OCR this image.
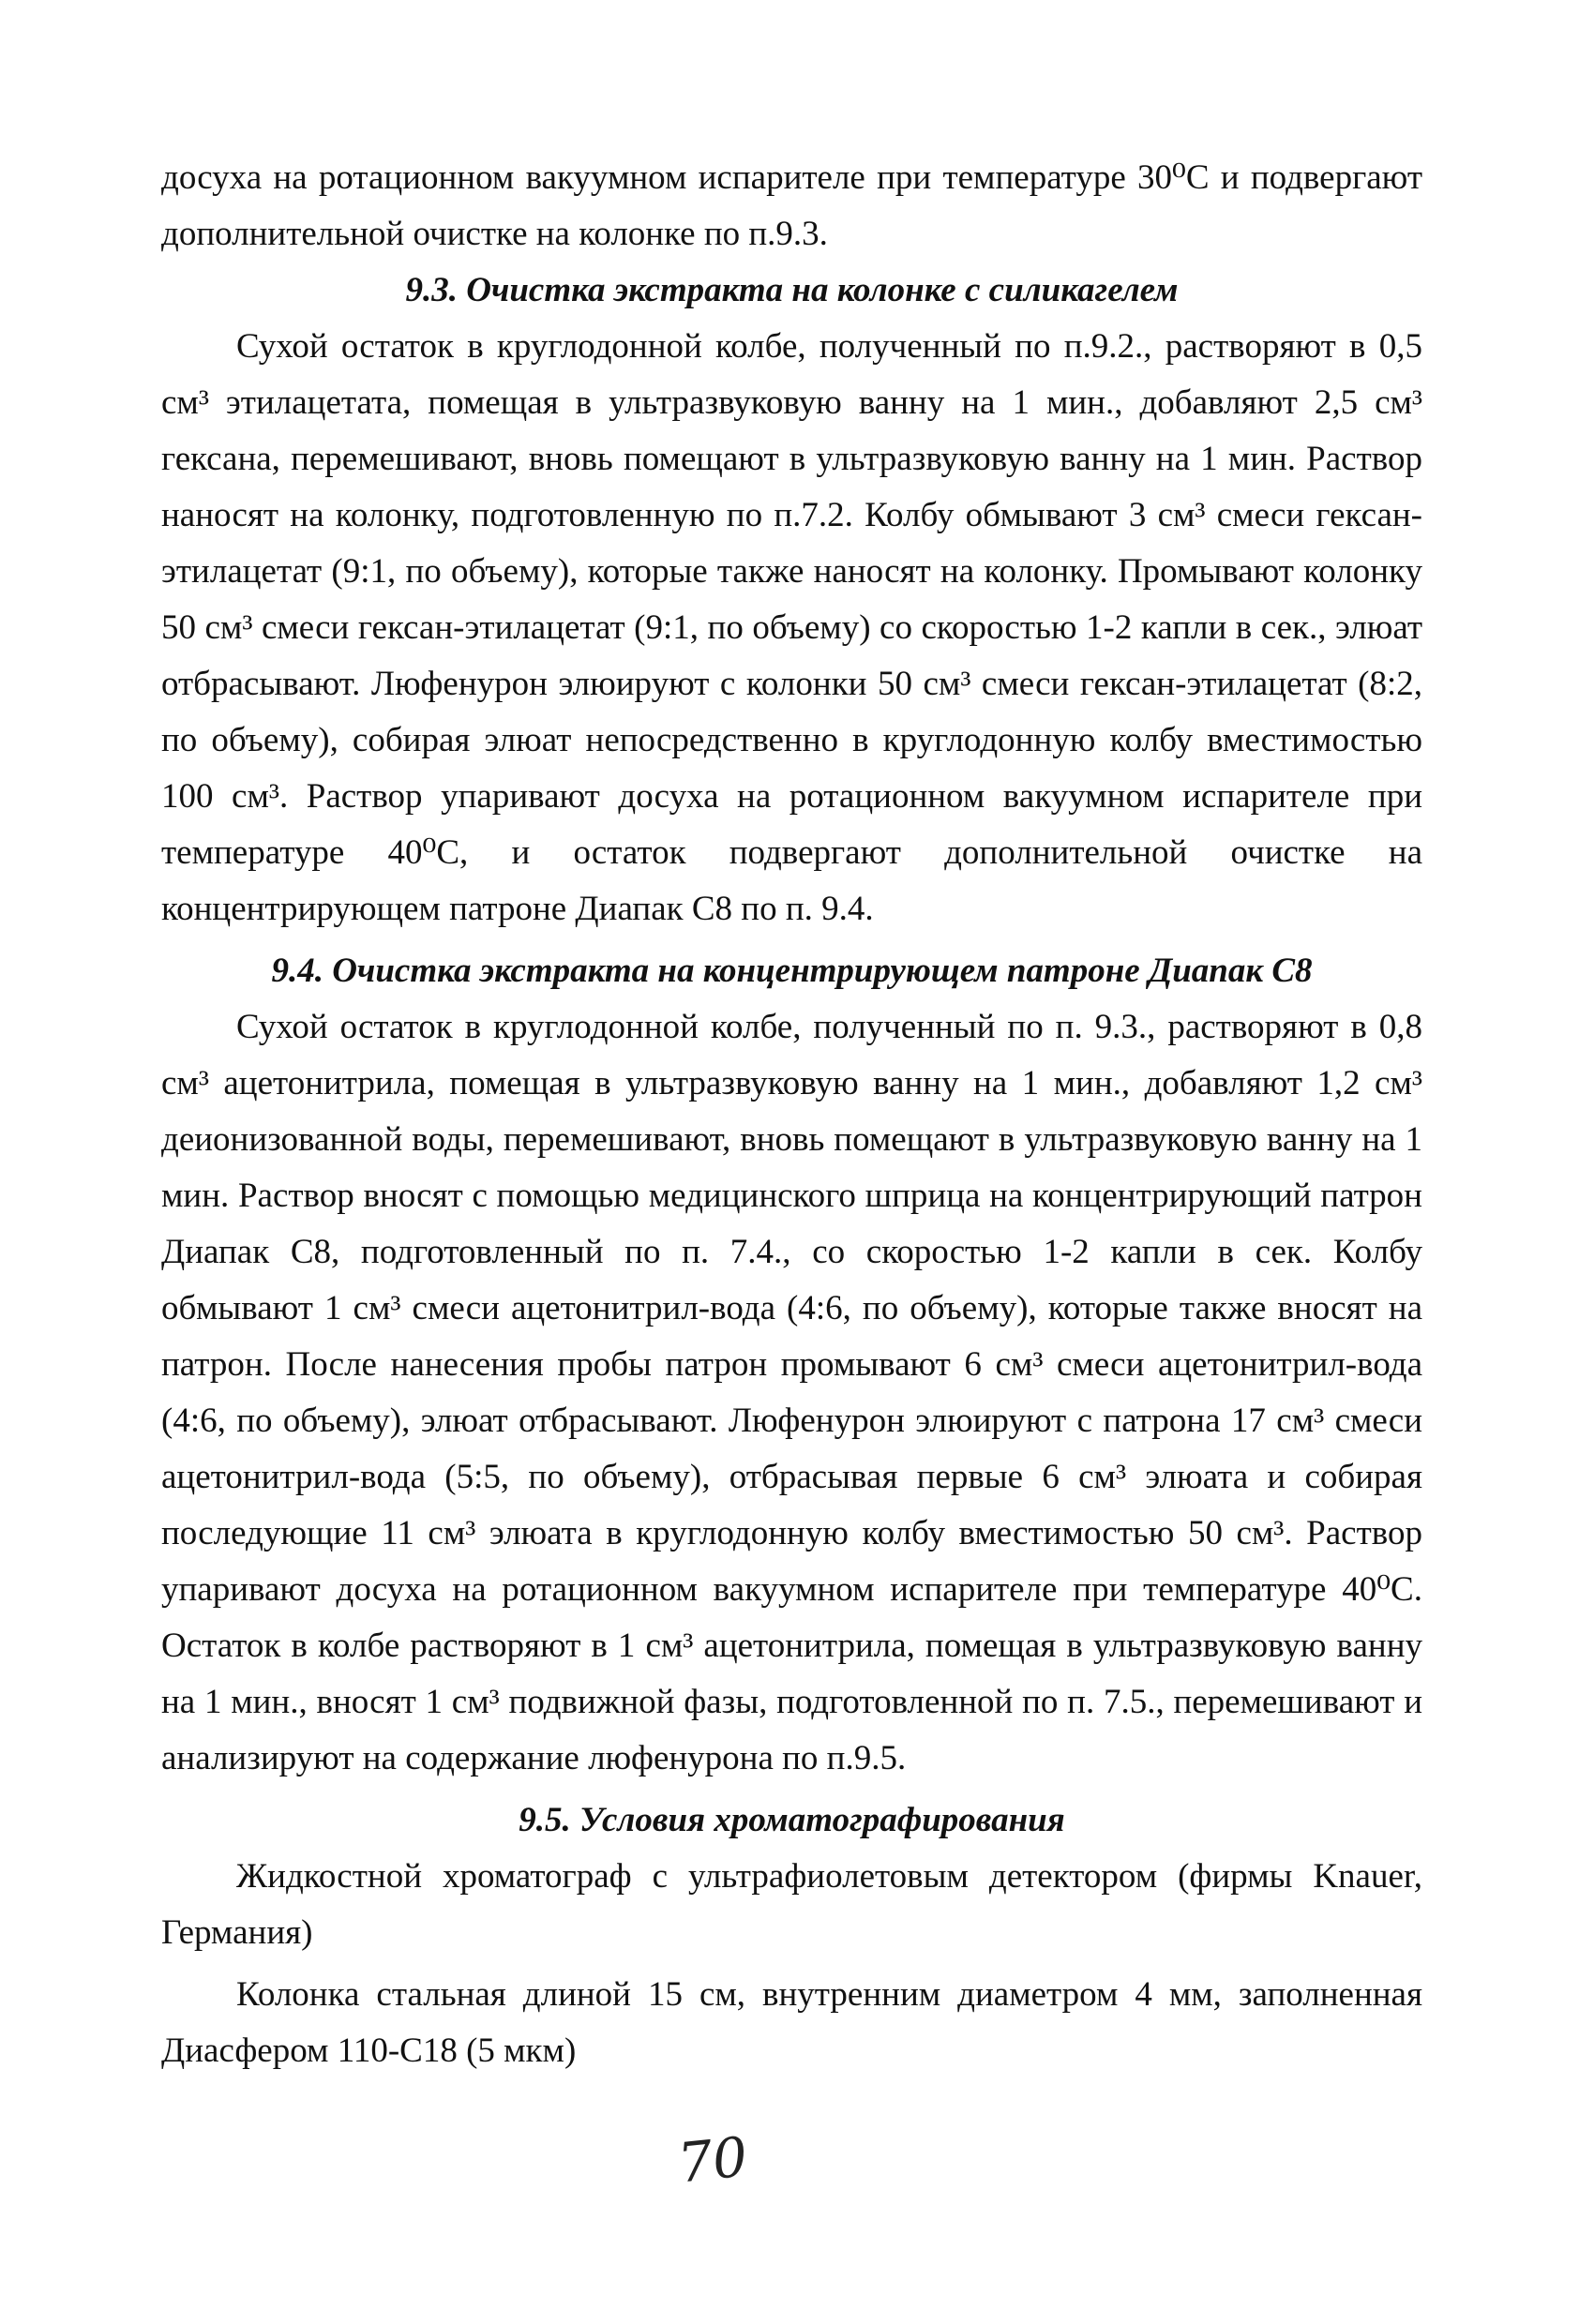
досуха на ротационном вакуумном испарителе при температуре 30⁰С и подвергают дополнительной очистке на колонке по п.9.3.

9.3. Очистка экстракта на колонке с силикагелем

Сухой остаток в круглодонной колбе, полученный по п.9.2., растворяют в 0,5 см³ этилацетата, помещая в ультразвуковую ванну на 1 мин., добавляют 2,5 см³ гексана, перемешивают, вновь помещают в ультразвуковую ванну на 1 мин. Раствор наносят на колонку, подготовленную по п.7.2. Колбу обмывают 3 см³ смеси гексан-этилацетат (9:1, по объему), которые также наносят на колонку. Промывают колонку 50 см³ смеси гексан-этилацетат (9:1, по объему) со скоростью 1-2 капли в сек., элюат отбрасывают. Люфенурон элюируют с колонки 50 см³ смеси гексан-этилацетат (8:2, по объему), собирая элюат непосредственно в круглодонную колбу вместимостью 100 см³. Раствор упаривают досуха на ротационном вакуумном испарителе при температуре 40⁰С, и остаток подвергают дополнительной очистке на концентрирующем патроне Диапак С8 по п. 9.4.

9.4. Очистка экстракта на концентрирующем патроне Диапак С8

Сухой остаток в круглодонной колбе, полученный по п. 9.3., растворяют в 0,8 см³ ацетонитрила, помещая в ультразвуковую ванну на 1 мин., добавляют 1,2 см³ деионизованной воды, перемешивают, вновь помещают в ультразвуковую ванну на 1 мин. Раствор вносят с помощью медицинского шприца на концентрирующий патрон Диапак С8, подготовленный по п. 7.4., со скоростью 1-2 капли в сек. Колбу обмывают 1 см³ смеси ацетонитрил-вода (4:6, по объему), которые также вносят на патрон. После нанесения пробы патрон промывают 6 см³ смеси ацетонитрил-вода (4:6, по объему), элюат отбрасывают. Люфенурон элюируют с патрона 17 см³ смеси ацетонитрил-вода (5:5, по объему), отбрасывая первые 6 см³ элюата и собирая последующие 11 см³ элюата в круглодонную колбу вместимостью 50 см³. Раствор упаривают досуха на ротационном вакуумном испарителе при температуре 40⁰С. Остаток в колбе растворяют в 1 см³ ацетонитрила, помещая в ультразвуковую ванну на 1 мин., вносят 1 см³ подвижной фазы, подготовленной по п. 7.5., перемешивают и анализируют на содержание люфенурона по п.9.5.

9.5. Условия хроматографирования

Жидкостной хроматограф с ультрафиолетовым детектором (фирмы Knauer, Германия)

Колонка стальная длиной 15 см, внутренним диаметром 4 мм, заполненная Диасфером 110-С18 (5 мкм)

70
